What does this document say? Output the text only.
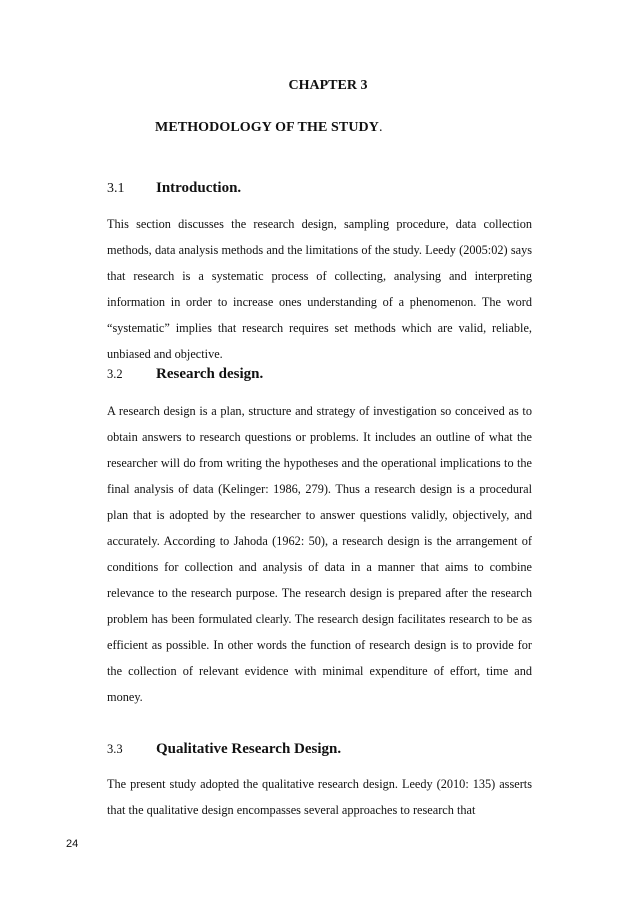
CHAPTER 3
METHODOLOGY OF THE STUDY.
3.1 Introduction.

This section discusses the research design, sampling procedure, data collection methods, data analysis methods and the limitations of the study. Leedy (2005:02) says that research is a systematic process of collecting, analysing and interpreting information in order to increase ones understanding of a phenomenon. The word “systematic” implies that research requires set methods which are valid, reliable, unbiased and objective.

3.2 Research design.

A research design is a plan, structure and strategy of investigation so conceived as to obtain answers to research questions or problems. It includes an outline of what the researcher will do from writing the hypotheses and the operational implications to the final analysis of data (Kelinger: 1986, 279). Thus a research design is a procedural plan that is adopted by the researcher to answer questions validly, objectively, and accurately. According to Jahoda (1962: 50), a research design is the arrangement of conditions for collection and analysis of data in a manner that aims to combine relevance to the research purpose. The research design is prepared after the research problem has been formulated clearly. The research design facilitates research to be as efficient as possible. In other words the function of research design is to provide for the collection of relevant evidence with minimal expenditure of effort, time and money.

3.3 Qualitative Research Design.

The present study adopted the qualitative research design. Leedy (2010: 135) asserts that the qualitative design encompasses several approaches to research that

24
